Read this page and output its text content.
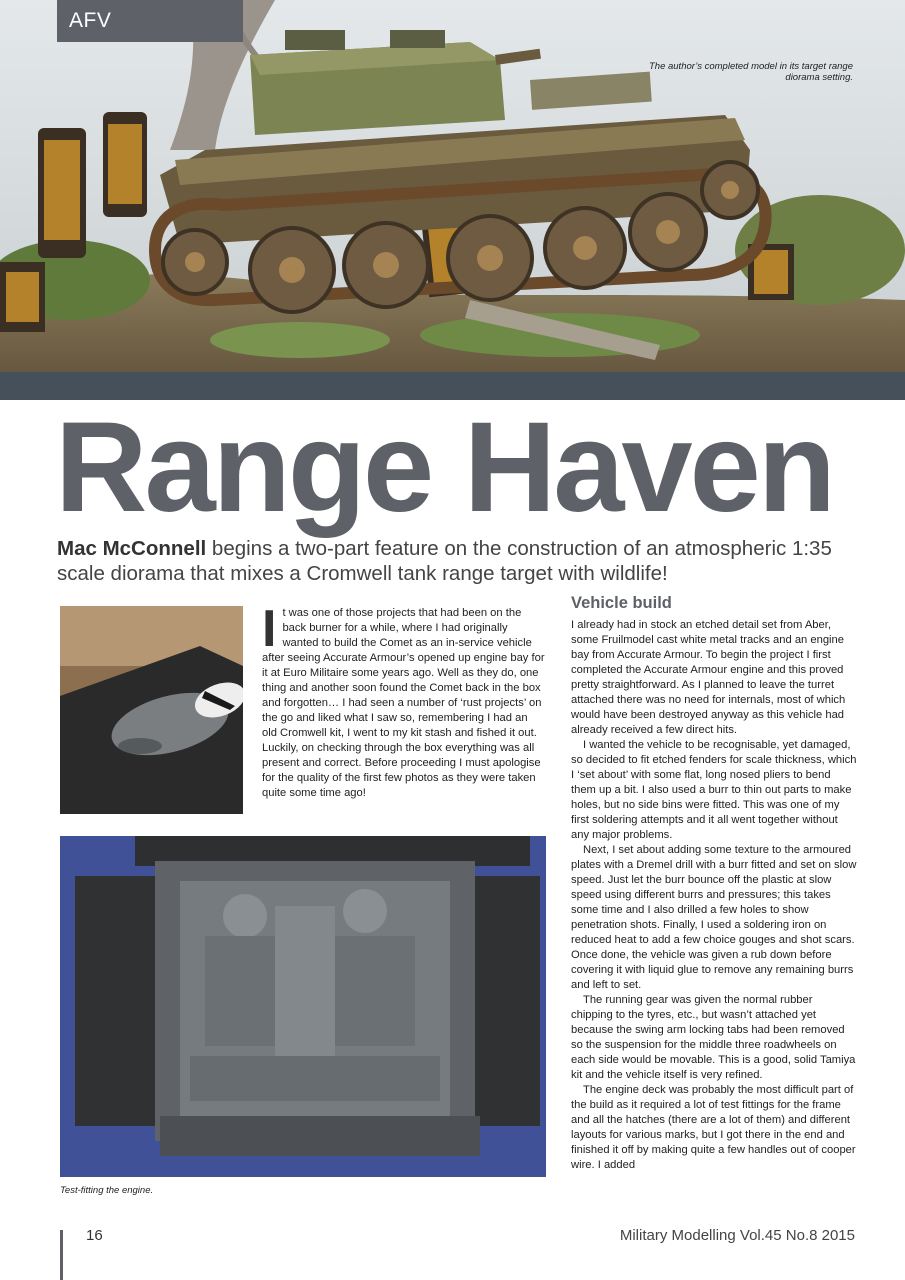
AFV
The author’s completed model in its target range diorama setting.
Range Haven
Mac McConnell begins a two-part feature on the construction of an atmospheric 1:35 scale diorama that mixes a Cromwell tank range target with wildlife!
It was one of those projects that had been on the back burner for a while, where I had originally wanted to build the Comet as an in-service vehicle after seeing Accurate Armour’s opened up engine bay for it at Euro Militaire some years ago. Well as they do, one thing and another soon found the Comet back in the box and forgotten… I had seen a number of ‘rust projects’ on the go and liked what I saw so, remembering I had an old Cromwell kit, I went to my kit stash and fished it out. Luckily, on checking through the box everything was all present and correct. Before proceeding I must apologise for the quality of the first few photos as they were taken quite some time ago!
Test-fitting the engine.
Vehicle build

I already had in stock an etched detail set from Aber, some Fruilmodel cast white metal tracks and an engine bay from Accurate Armour. To begin the project I first completed the Accurate Armour engine and this proved pretty straightforward. As I planned to leave the turret attached there was no need for internals, most of which would have been destroyed anyway as this vehicle had already received a few direct hits.

I wanted the vehicle to be recognisable, yet damaged, so decided to fit etched fenders for scale thickness, which I ‘set about’ with some flat, long nosed pliers to bend them up a bit. I also used a burr to thin out parts to make holes, but no side bins were fitted. This was one of my first soldering attempts and it all went together without any major problems.

Next, I set about adding some texture to the armoured plates with a Dremel drill with a burr fitted and set on slow speed. Just let the burr bounce off the plastic at slow speed using different burrs and pressures; this takes some time and I also drilled a few holes to show penetration shots. Finally, I used a soldering iron on reduced heat to add a few choice gouges and shot scars. Once done, the vehicle was given a rub down before covering it with liquid glue to remove any remaining burrs and left to set.

The running gear was given the normal rubber chipping to the tyres, etc., but wasn’t attached yet because the swing arm locking tabs had been removed so the suspension for the middle three roadwheels on each side would be movable. This is a good, solid Tamiya kit and the vehicle itself is very refined.

The engine deck was probably the most difficult part of the build as it required a lot of test fittings for the frame and all the hatches (there are a lot of them) and different layouts for various marks, but I got there in the end and finished it off by making quite a few handles out of cooper wire. I added

16	Military Modelling Vol.45 No.8 2015
